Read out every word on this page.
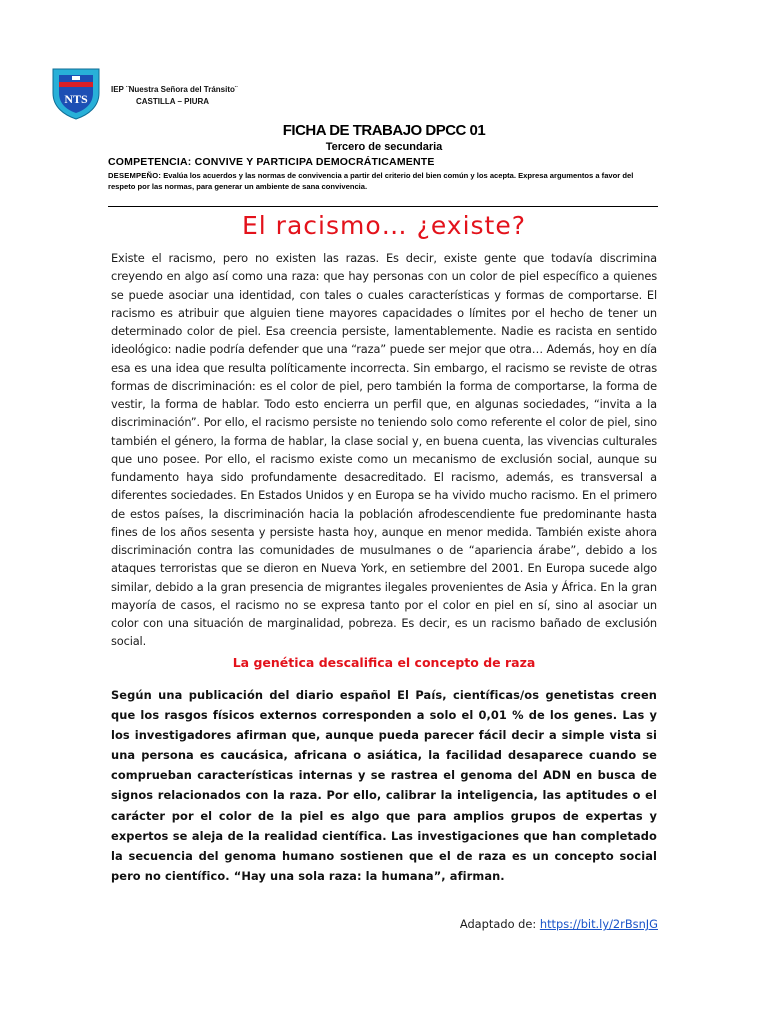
NTS
IEP ¨Nuestra Señora del Tránsito¨
CASTILLA – PIURA
FICHA DE TRABAJO DPCC 01
Tercero de secundaria
COMPETENCIA: CONVIVE Y PARTICIPA DEMOCRÁTICAMENTE
DESEMPEÑO: Evalúa los acuerdos y las normas de convivencia a partir del criterio del bien común y los acepta. Expresa argumentos a favor del respeto por las normas, para generar un ambiente de sana convivencia.
El racismo… ¿existe?
Existe el racismo, pero no existen las razas. Es decir, existe gente que todavía discrimina creyendo en algo así como una raza: que hay personas con un color de piel específico a quienes se puede asociar una identidad, con tales o cuales características y formas de comportarse. El racismo es atribuir que alguien tiene mayores capacidades o límites por el hecho de tener un determinado color de piel. Esa creencia persiste, lamentablemente. Nadie es racista en sentido ideológico: nadie podría defender que una “raza” puede ser mejor que otra… Además, hoy en día esa es una idea que resulta políticamente incorrecta. Sin embargo, el racismo se reviste de otras formas de discriminación: es el color de piel, pero también la forma de comportarse, la forma de vestir, la forma de hablar. Todo esto encierra un perfil que, en algunas sociedades, “invita a la discriminación”. Por ello, el racismo persiste no teniendo solo como referente el color de piel, sino también el género, la forma de hablar, la clase social y, en buena cuenta, las vivencias culturales que uno posee. Por ello, el racismo existe como un mecanismo de exclusión social, aunque su fundamento haya sido profundamente desacreditado. El racismo, además, es transversal a diferentes sociedades. En Estados Unidos y en Europa se ha vivido mucho racismo. En el primero de estos países, la discriminación hacia la población afrodescendiente fue predominante hasta fines de los años sesenta y persiste hasta hoy, aunque en menor medida. También existe ahora discriminación contra las comunidades de musulmanes o de “apariencia árabe”, debido a los ataques terroristas que se dieron en Nueva York, en setiembre del 2001. En Europa sucede algo similar, debido a la gran presencia de migrantes ilegales provenientes de Asia y África. En la gran mayoría de casos, el racismo no se expresa tanto por el color en piel en sí, sino al asociar un color con una situación de marginalidad, pobreza. Es decir, es un racismo bañado de exclusión social.
La genética descalifica el concepto de raza
Según una publicación del diario español El País, científicas/os genetistas creen que los rasgos físicos externos corresponden a solo el 0,01 % de los genes. Las y los investigadores afirman que, aunque pueda parecer fácil decir a simple vista si una persona es caucásica, africana o asiática, la facilidad desaparece cuando se comprueban características internas y se rastrea el genoma del ADN en busca de signos relacionados con la raza. Por ello, calibrar la inteligencia, las aptitudes o el carácter por el color de la piel es algo que para amplios grupos de expertas y expertos se aleja de la realidad científica. Las investigaciones que han completado la secuencia del genoma humano sostienen que el de raza es un concepto social pero no científico. “Hay una sola raza: la humana”, afirman.
Adaptado de: https://bit.ly/2rBsnJG
